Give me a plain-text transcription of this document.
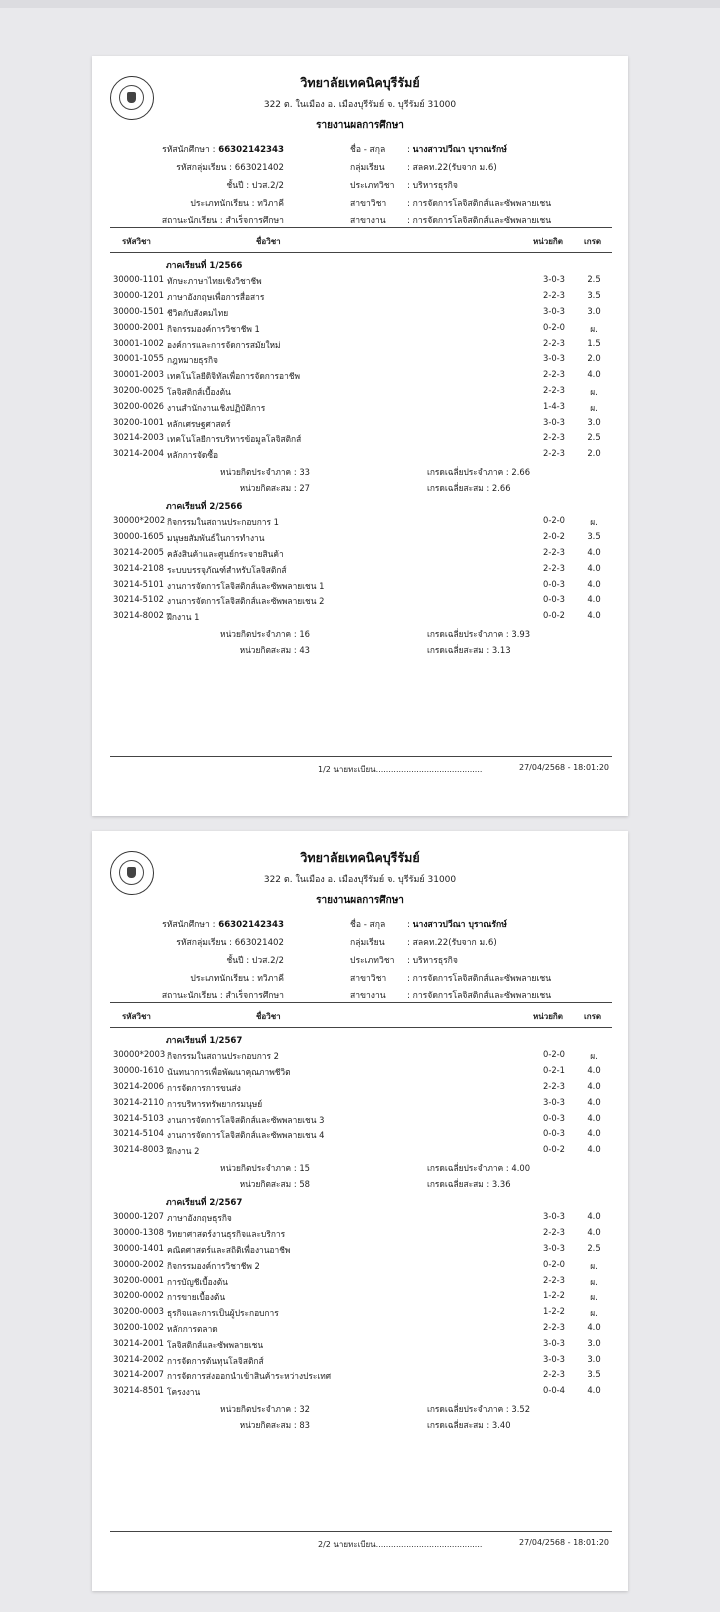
วิทยาลัยเทคนิคบุรีรัมย์
322 ต. ในเมือง อ. เมืองบุรีรัมย์ จ. บุรีรัมย์ 31000
รายงานผลการศึกษา
รหัสนักศึกษา : 66302142343
รหัสกลุ่มเรียน : 663021402
ชั้นปี : ปวส.2/2
ประเภทนักเรียน : ทวิภาคี
สถานะนักเรียน : สำเร็จการศึกษา
ชื่อ - สกุล	: นางสาวปวีณา บุราณรักษ์
กลุ่มเรียน	: สลคท.22(รับจาก ม.6)
ประเภทวิชา : บริหารธุรกิจ
สาขาวิชา : การจัดการโลจิสติกส์และซัพพลายเชน
สาขางาน : การจัดการโลจิสติกส์และซัพพลายเชน
รหัสวิชา	ชื่อวิชา	หน่วยกิต	เกรด
ภาคเรียนที่ 1/2566
30000-1101 ทักษะภาษาไทยเชิงวิชาชีพ	3-0-3	2.5
30000-1201 ภาษาอังกฤษเพื่อการสื่อสาร	2-2-3	3.5
30000-1501 ชีวิตกับสังคมไทย	3-0-3	3.0
30000-2001 กิจกรรมองค์การวิชาชีพ 1	0-2-0	ผ.
30001-1002 องค์การและการจัดการสมัยใหม่	2-2-3	1.5
30001-1055 กฎหมายธุรกิจ	3-0-3	2.0
30001-2003 เทคโนโลยีดิจิทัลเพื่อการจัดการอาชีพ	2-2-3	4.0
30200-0025 โลจิสติกส์เบื้องต้น	2-2-3	ผ.
30200-0026 งานสำนักงานเชิงปฏิบัติการ	1-4-3	ผ.
30200-1001 หลักเศรษฐศาสตร์	3-0-3	3.0
30214-2003 เทคโนโลยีการบริหารข้อมูลโลจิสติกส์	2-2-3	2.5
30214-2004 หลักการจัดซื้อ	2-2-3	2.0
หน่วยกิตประจำภาค : 33	เกรดเฉลี่ยประจำภาค : 2.66
หน่วยกิตสะสม : 27	เกรดเฉลี่ยสะสม : 2.66
ภาคเรียนที่ 2/2566
30000*2002 กิจกรรมในสถานประกอบการ 1	0-2-0	ผ.
30000-1605 มนุษยสัมพันธ์ในการทำงาน	2-0-2	3.5
30214-2005 คลังสินค้าและศูนย์กระจายสินค้า	2-2-3	4.0
30214-2108 ระบบบรรจุภัณฑ์สำหรับโลจิสติกส์	2-2-3	4.0
30214-5101 งานการจัดการโลจิสติกส์และซัพพลายเชน 1	0-0-3	4.0
30214-5102 งานการจัดการโลจิสติกส์และซัพพลายเชน 2	0-0-3	4.0
30214-8002 ฝึกงาน 1	0-0-2	4.0
หน่วยกิตประจำภาค : 16	เกรดเฉลี่ยประจำภาค : 3.93
หน่วยกิตสะสม : 43	เกรดเฉลี่ยสะสม : 3.13
1/2 นายทะเบียน..........................................	27/04/2568 - 18:01:20
วิทยาลัยเทคนิคบุรีรัมย์
322 ต. ในเมือง อ. เมืองบุรีรัมย์ จ. บุรีรัมย์ 31000
รายงานผลการศึกษา
รหัสนักศึกษา : 66302142343
รหัสกลุ่มเรียน : 663021402
ชั้นปี : ปวส.2/2
ประเภทนักเรียน : ทวิภาคี
สถานะนักเรียน : สำเร็จการศึกษา
ชื่อ - สกุล	: นางสาวปวีณา บุราณรักษ์
กลุ่มเรียน	: สลคท.22(รับจาก ม.6)
ประเภทวิชา : บริหารธุรกิจ
สาขาวิชา : การจัดการโลจิสติกส์และซัพพลายเชน
สาขางาน : การจัดการโลจิสติกส์และซัพพลายเชน
รหัสวิชา	ชื่อวิชา	หน่วยกิต	เกรด
ภาคเรียนที่ 1/2567
30000*2003 กิจกรรมในสถานประกอบการ 2	0-2-0	ผ.
30000-1610 นันทนาการเพื่อพัฒนาคุณภาพชีวิต	0-2-1	4.0
30214-2006 การจัดการการขนส่ง	2-2-3	4.0
30214-2110 การบริหารทรัพยากรมนุษย์	3-0-3	4.0
30214-5103 งานการจัดการโลจิสติกส์และซัพพลายเชน 3	0-0-3	4.0
30214-5104 งานการจัดการโลจิสติกส์และซัพพลายเชน 4	0-0-3	4.0
30214-8003 ฝึกงาน 2	0-0-2	4.0
หน่วยกิตประจำภาค : 15	เกรดเฉลี่ยประจำภาค : 4.00
หน่วยกิตสะสม : 58	เกรดเฉลี่ยสะสม : 3.36
ภาคเรียนที่ 2/2567
30000-1207 ภาษาอังกฤษธุรกิจ	3-0-3	4.0
30000-1308 วิทยาศาสตร์งานธุรกิจและบริการ	2-2-3	4.0
30000-1401 คณิตศาสตร์และสถิติเพื่องานอาชีพ	3-0-3	2.5
30000-2002 กิจกรรมองค์การวิชาชีพ 2	0-2-0	ผ.
30200-0001 การบัญชีเบื้องต้น	2-2-3	ผ.
30200-0002 การขายเบื้องต้น	1-2-2	ผ.
30200-0003 ธุรกิจและการเป็นผู้ประกอบการ	1-2-2	ผ.
30200-1002 หลักการตลาด	2-2-3	4.0
30214-2001 โลจิสติกส์และซัพพลายเชน	3-0-3	3.0
30214-2002 การจัดการต้นทุนโลจิสติกส์	3-0-3	3.0
30214-2007 การจัดการส่งออกนำเข้าสินค้าระหว่างประเทศ	2-2-3	3.5
30214-8501 โครงงาน	0-0-4	4.0
หน่วยกิตประจำภาค : 32	เกรดเฉลี่ยประจำภาค : 3.52
หน่วยกิตสะสม : 83	เกรดเฉลี่ยสะสม : 3.40
2/2 นายทะเบียน..........................................	27/04/2568 - 18:01:20
